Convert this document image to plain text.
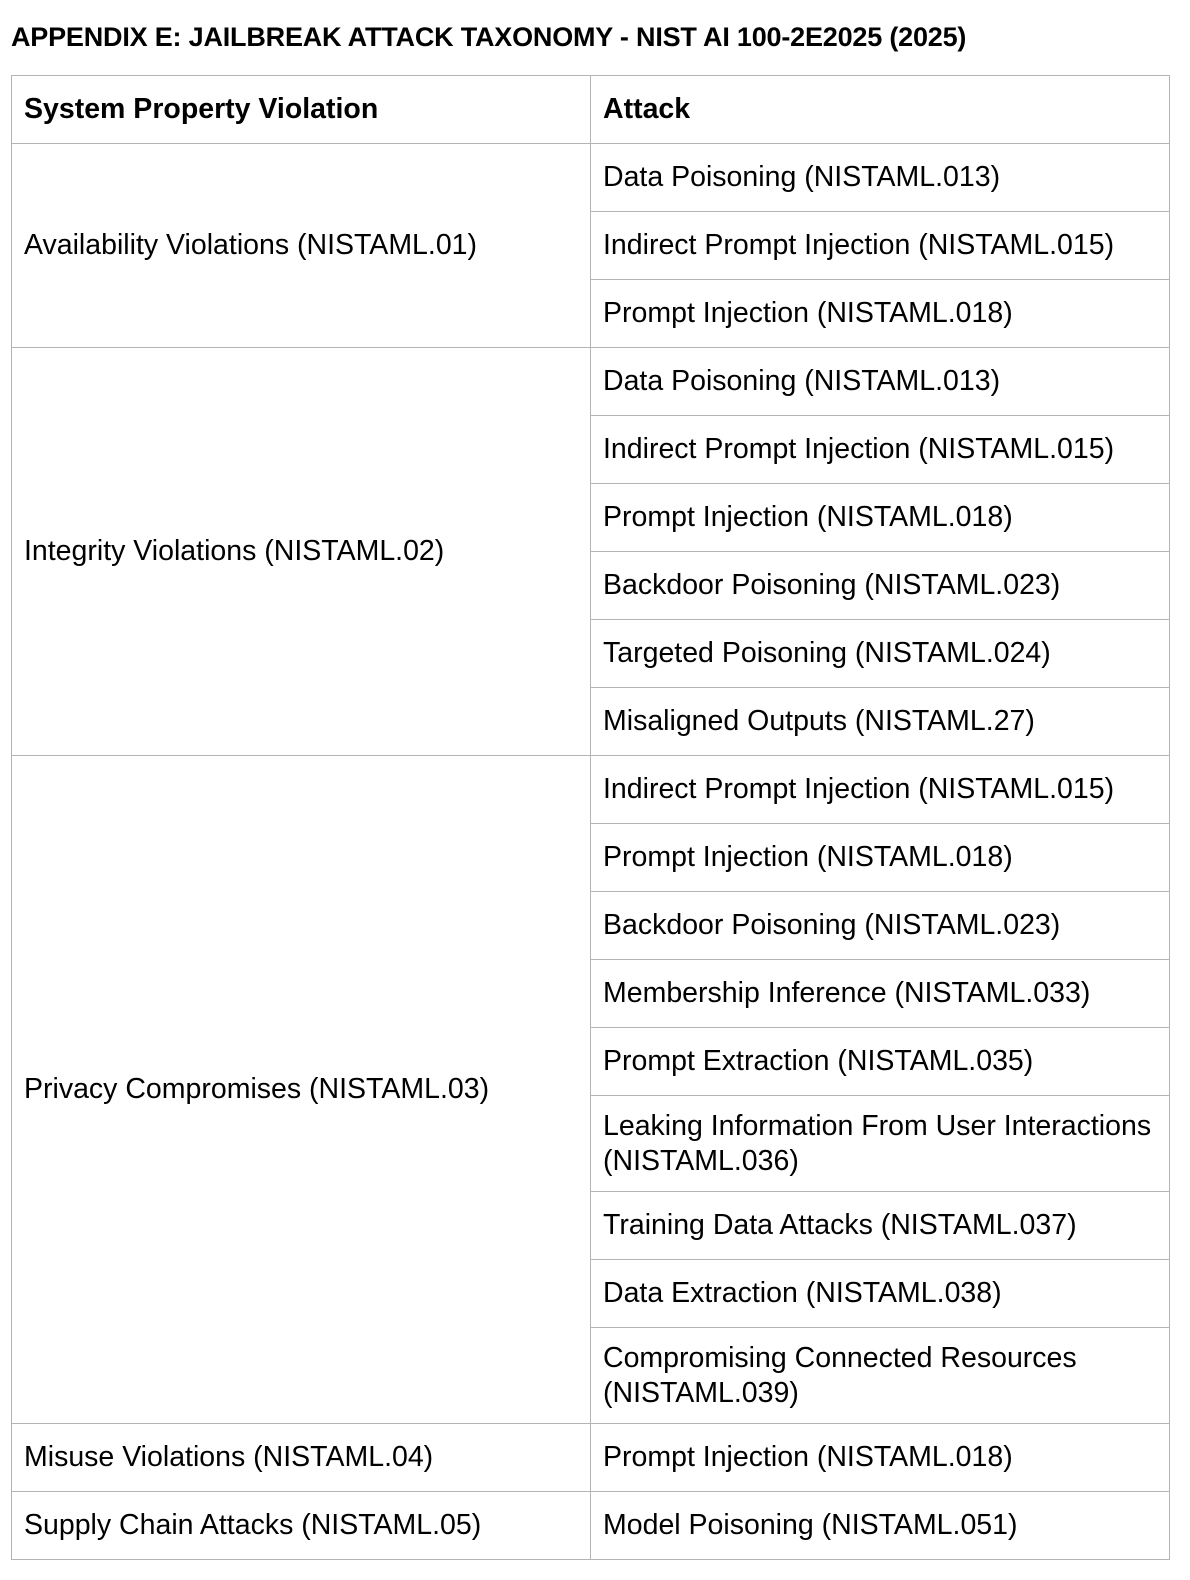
APPENDIX E: JAILBREAK ATTACK TAXONOMY - NIST AI 100-2E2025 (2025)
System Property Violation	Attack
Availability Violations (NISTAML.01)	Data Poisoning (NISTAML.013)
	Indirect Prompt Injection (NISTAML.015)
	Prompt Injection (NISTAML.018)
Integrity Violations (NISTAML.02)	Data Poisoning (NISTAML.013)
	Indirect Prompt Injection (NISTAML.015)
	Prompt Injection (NISTAML.018)
	Backdoor Poisoning (NISTAML.023)
	Targeted Poisoning (NISTAML.024)
	Misaligned Outputs (NISTAML.27)
Privacy Compromises (NISTAML.03)	Indirect Prompt Injection (NISTAML.015)
	Prompt Injection (NISTAML.018)
	Backdoor Poisoning (NISTAML.023)
	Membership Inference (NISTAML.033)
	Prompt Extraction (NISTAML.035)
	Leaking Information From User Interactions (NISTAML.036)
	Training Data Attacks (NISTAML.037)
	Data Extraction (NISTAML.038)
	Compromising Connected Resources (NISTAML.039)
Misuse Violations (NISTAML.04)	Prompt Injection (NISTAML.018)
Supply Chain Attacks (NISTAML.05)	Model Poisoning (NISTAML.051)
